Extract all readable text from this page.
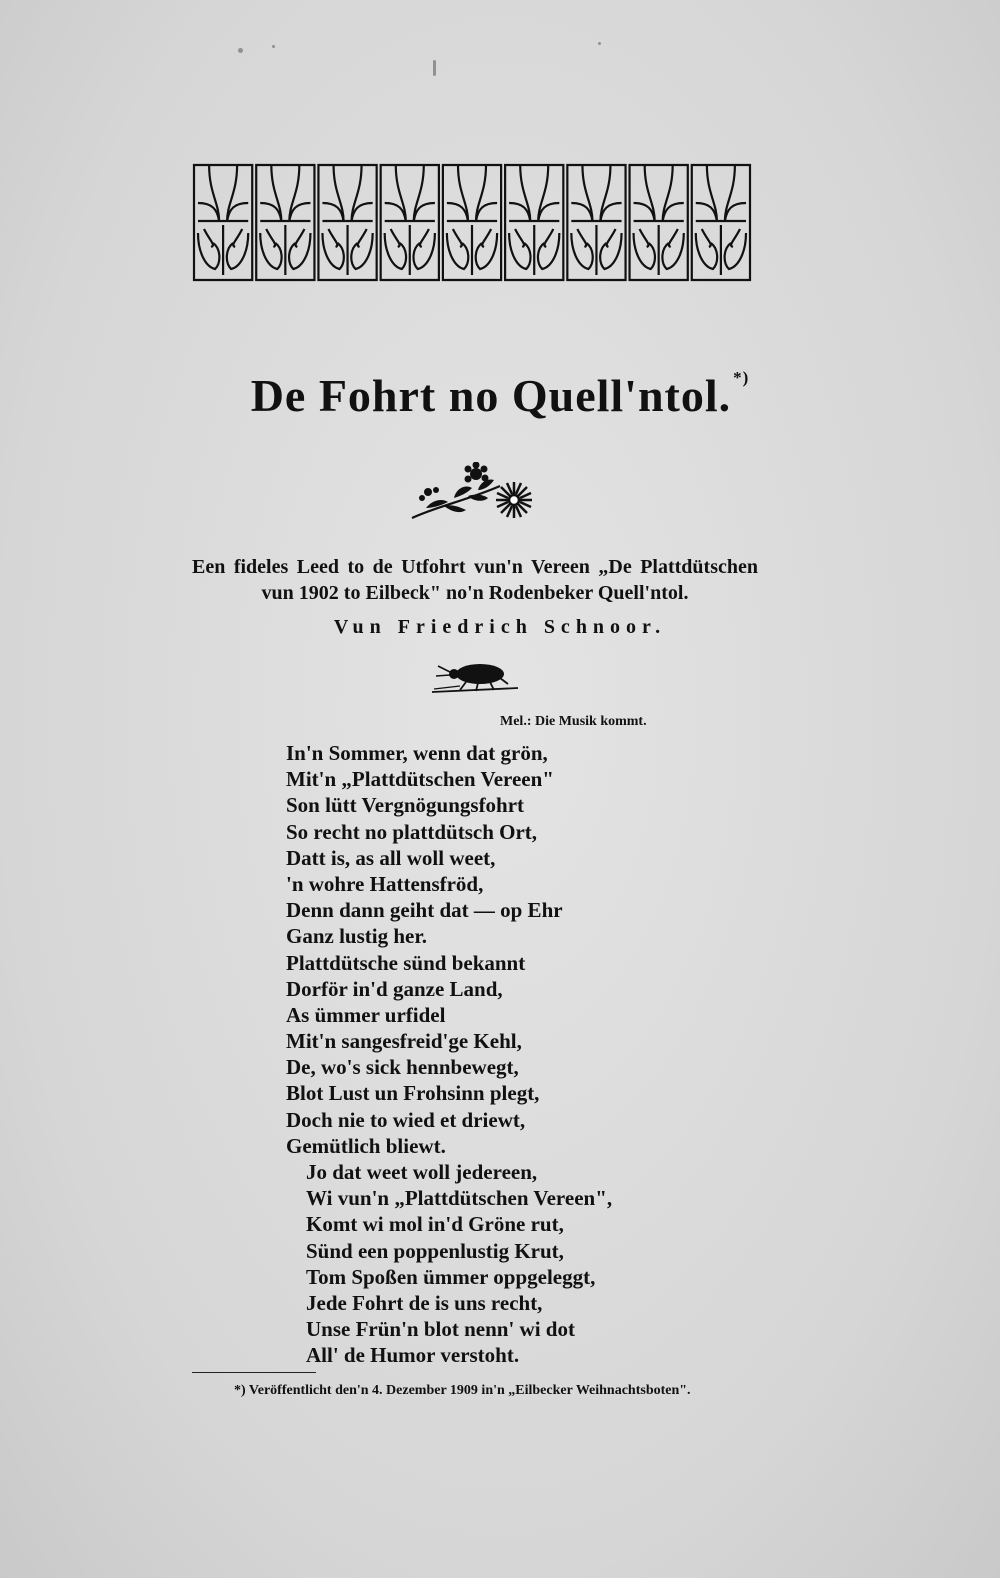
De Fohrt no Quell'ntol. *)
Een fideles Leed to de Utfohrt vun'n Vereen „De Plattdütschen vun 1902 to Eilbeck" no'n Rodenbeker Quell'ntol.
Vun Friedrich Schnoor.
Mel.: Die Musik kommt.
In'n Sommer, wenn dat grön,
Mit'n „Plattdütschen Vereen"
Son lütt Vergnögungsfohrt
So recht no plattdütsch Ort,
Datt is, as all woll weet,
'n wohre Hattensfröd,
Denn dann geiht dat — op Ehr
Ganz lustig her.
Plattdütsche sünd bekannt
Dorför in'd ganze Land,
As ümmer urfidel
Mit'n sangesfreid'ge Kehl,
De, wo's sick hennbewegt,
Blot Lust un Frohsinn plegt,
Doch nie to wied et driewt,
Gemütlich bliewt.
Jo dat weet woll jedereen,
Wi vun'n „Plattdütschen Vereen",
Komt wi mol in'd Gröne rut,
Sünd een poppenlustig Krut,
Tom Spoßen ümmer oppgeleggt,
Jede Fohrt de is uns recht,
Unse Frün'n blot nenn' wi dot
All' de Humor verstoht.
*) Veröffentlicht den'n 4. Dezember 1909 in'n „Eilbecker Weihnachtsboten".
